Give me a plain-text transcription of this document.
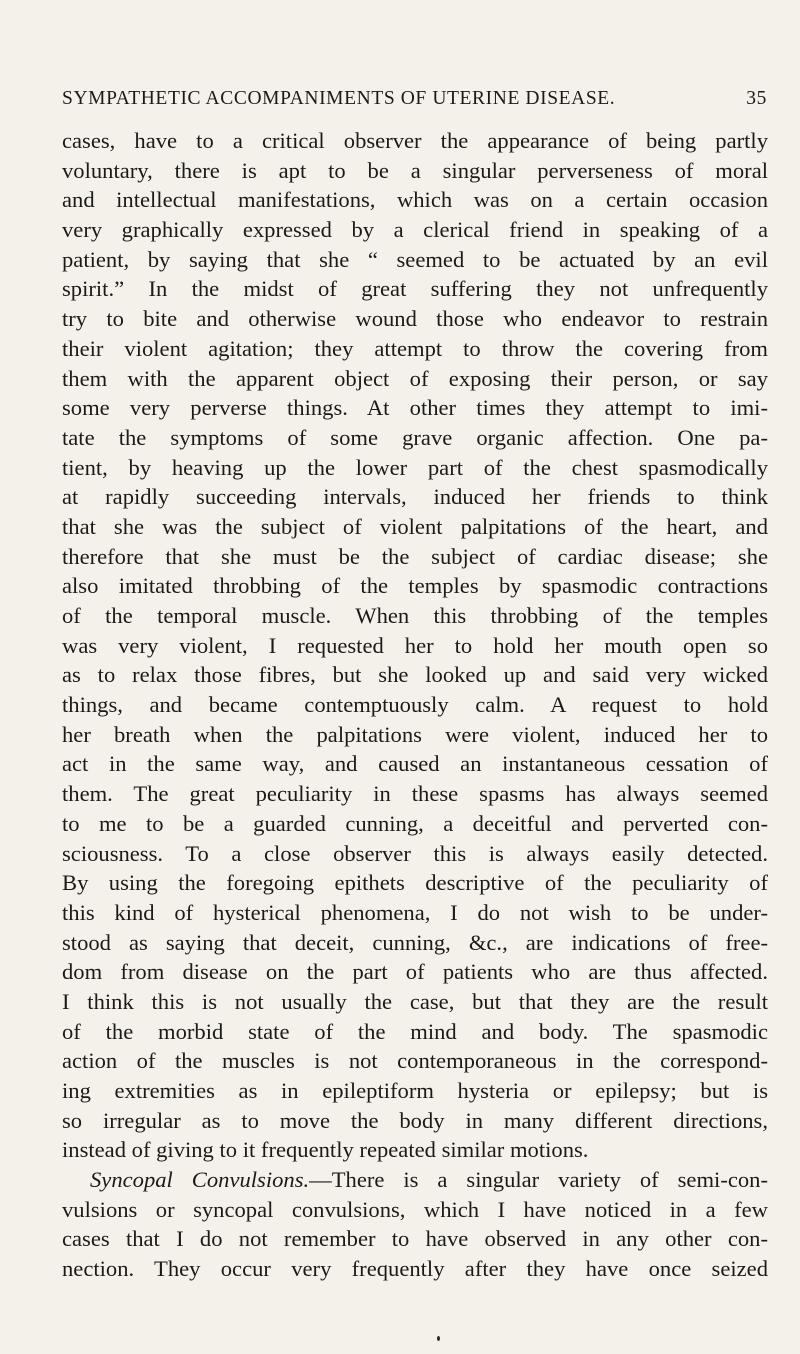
SYMPATHETIC ACCOMPANIMENTS OF UTERINE DISEASE.	35
cases, have to a critical observer the appearance of being partly
voluntary, there is apt to be a singular perverseness of moral
and intellectual manifestations, which was on a certain occasion
very graphically expressed by a clerical friend in speaking of a
patient, by saying that she “ seemed to be actuated by an evil
spirit.” In the midst of great suffering they not unfrequently
try to bite and otherwise wound those who endeavor to restrain
their violent agitation; they attempt to throw the covering from
them with the apparent object of exposing their person, or say
some very perverse things. At other times they attempt to imi-
tate the symptoms of some grave organic affection. One pa-
tient, by heaving up the lower part of the chest spasmodically
at rapidly succeeding intervals, induced her friends to think
that she was the subject of violent palpitations of the heart, and
therefore that she must be the subject of cardiac disease; she
also imitated throbbing of the temples by spasmodic contractions
of the temporal muscle. When this throbbing of the temples
was very violent, I requested her to hold her mouth open so
as to relax those fibres, but she looked up and said very wicked
things, and became contemptuously calm. A request to hold
her breath when the palpitations were violent, induced her to
act in the same way, and caused an instantaneous cessation of
them. The great peculiarity in these spasms has always seemed
to me to be a guarded cunning, a deceitful and perverted con-
sciousness. To a close observer this is always easily detected.
By using the foregoing epithets descriptive of the peculiarity of
this kind of hysterical phenomena, I do not wish to be under-
stood as saying that deceit, cunning, &c., are indications of free-
dom from disease on the part of patients who are thus affected.
I think this is not usually the case, but that they are the result
of the morbid state of the mind and body. The spasmodic
action of the muscles is not contemporaneous in the correspond-
ing extremities as in epileptiform hysteria or epilepsy; but is
so irregular as to move the body in many different directions,
instead of giving to it frequently repeated similar motions.
Syncopal Convulsions.—There is a singular variety of semi-con-
vulsions or syncopal convulsions, which I have noticed in a few
cases that I do not remember to have observed in any other con-
nection. They occur very frequently after they have once seized
